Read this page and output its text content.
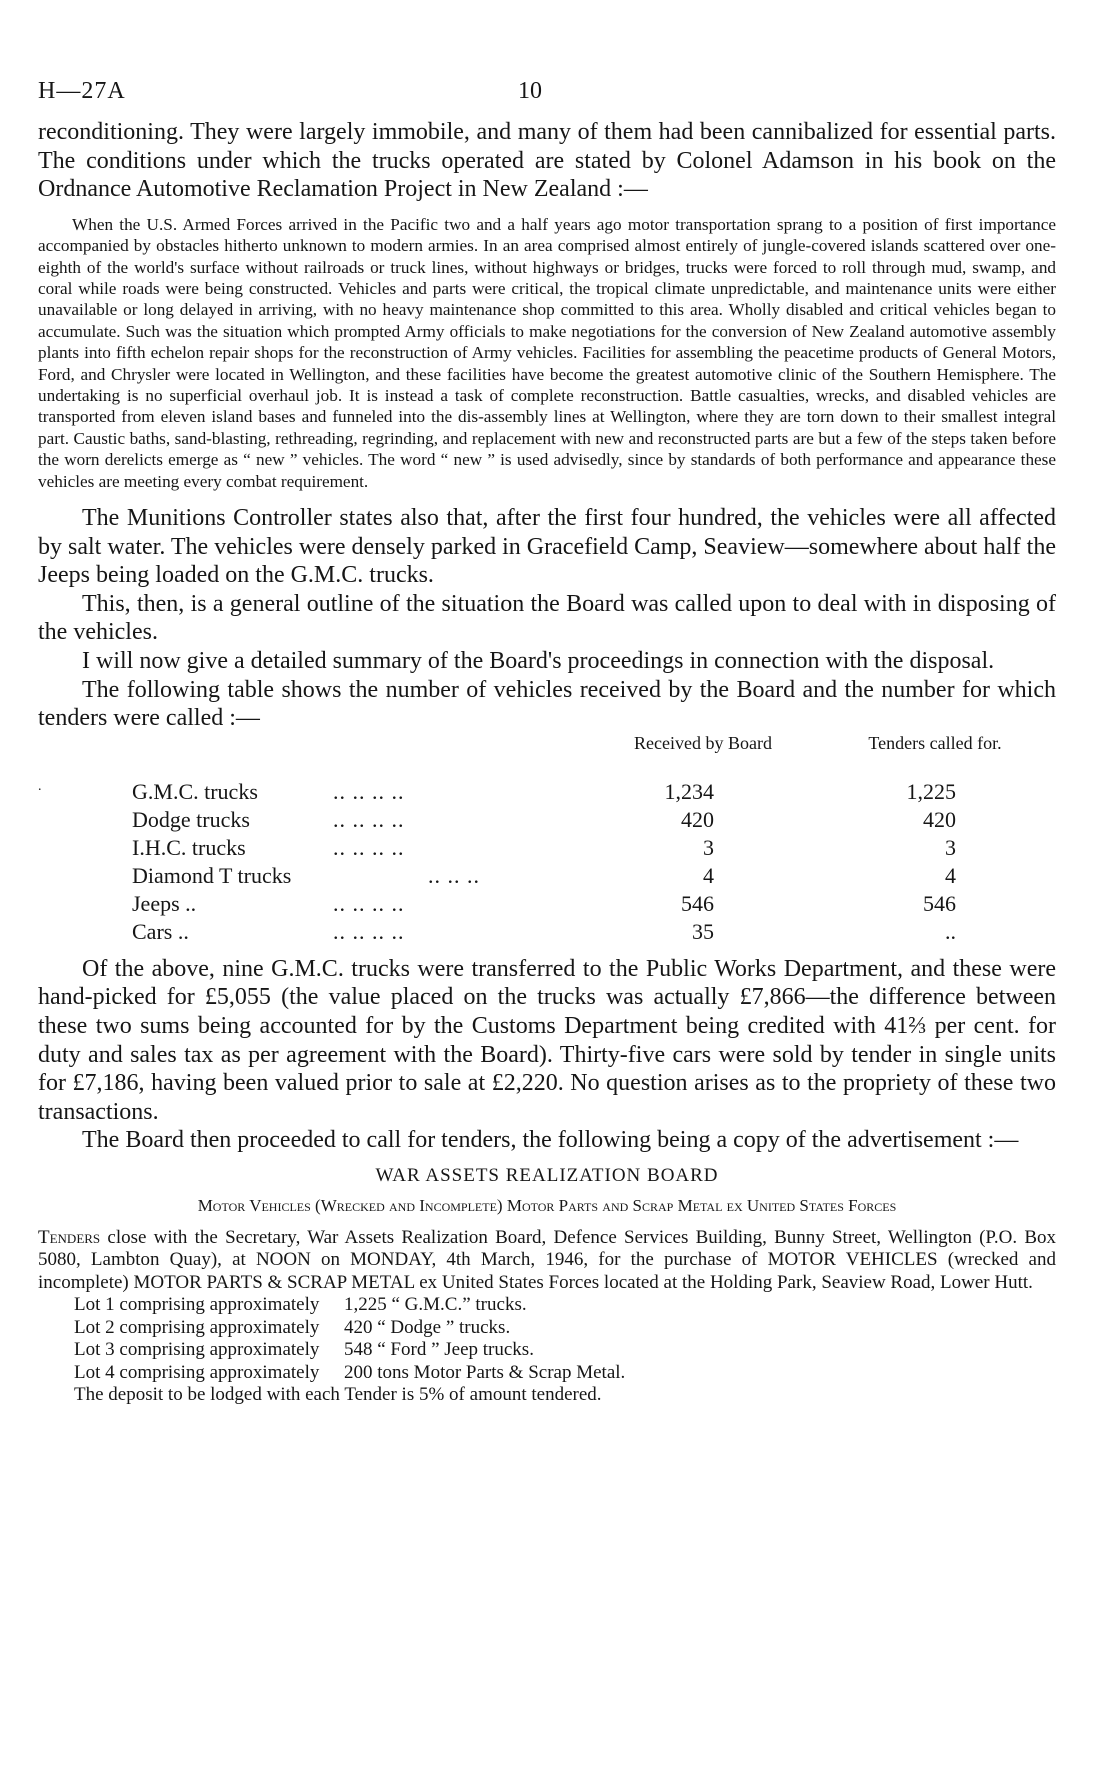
H—27A	10

reconditioning. They were largely immobile, and many of them had been cannibalized for essential parts. The conditions under which the trucks operated are stated by Colonel Adamson in his book on the Ordnance Automotive Reclamation Project in New Zealand :—

When the U.S. Armed Forces arrived in the Pacific two and a half years ago motor transportation sprang to a position of first importance accompanied by obstacles hitherto unknown to modern armies. In an area comprised almost entirely of jungle-covered islands scattered over one-eighth of the world's surface without railroads or truck lines, without highways or bridges, trucks were forced to roll through mud, swamp, and coral while roads were being constructed. Vehicles and parts were critical, the tropical climate unpredictable, and maintenance units were either unavailable or long delayed in arriving, with no heavy maintenance shop committed to this area. Wholly disabled and critical vehicles began to accumulate. Such was the situation which prompted Army officials to make negotiations for the conversion of New Zealand automotive assembly plants into fifth echelon repair shops for the reconstruction of Army vehicles. Facilities for assembling the peacetime products of General Motors, Ford, and Chrysler were located in Wellington, and these facilities have become the greatest automotive clinic of the Southern Hemisphere. The undertaking is no superficial overhaul job. It is instead a task of complete reconstruction. Battle casualties, wrecks, and disabled vehicles are transported from eleven island bases and funneled into the dis-assembly lines at Wellington, where they are torn down to their smallest integral part. Caustic baths, sand-blasting, rethreading, regrinding, and replacement with new and reconstructed parts are but a few of the steps taken before the worn derelicts emerge as “ new ” vehicles. The word “ new ” is used advisedly, since by standards of both performance and appearance these vehicles are meeting every combat requirement.

The Munitions Controller states also that, after the first four hundred, the vehicles were all affected by salt water. The vehicles were densely parked in Gracefield Camp, Seaview—somewhere about half the Jeeps being loaded on the G.M.C. trucks.

This, then, is a general outline of the situation the Board was called upon to deal with in disposing of the vehicles.

I will now give a detailed summary of the Board's proceedings in connection with the disposal.

The following table shows the number of vehicles received by the Board and the number for which tenders were called :—

Received by Board	Tenders called for.
.	G.M.C. trucks	.. .. .. ..	1,234	1,225
Dodge trucks	.. .. .. ..	420	420
I.H.C. trucks	.. .. .. ..	3	3
Diamond T trucks	.. .. ..	4	4
Jeeps ..	.. .. .. ..	546	546
Cars ..	.. .. .. ..	35	..

Of the above, nine G.M.C. trucks were transferred to the Public Works Department, and these were hand-picked for £5,055 (the value placed on the trucks was actually £7,866—the difference between these two sums being accounted for by the Customs Department being credited with 41⅔ per cent. for duty and sales tax as per agreement with the Board). Thirty-five cars were sold by tender in single units for £7,186, having been valued prior to sale at £2,220. No question arises as to the propriety of these two transactions.

The Board then proceeded to call for tenders, the following being a copy of the advertisement :—

WAR ASSETS REALIZATION BOARD
Motor Vehicles (Wrecked and Incomplete) Motor Parts and Scrap Metal ex United States Forces

Tenders close with the Secretary, War Assets Realization Board, Defence Services Building, Bunny Street, Wellington (P.O. Box 5080, Lambton Quay), at NOON on MONDAY, 4th March, 1946, for the purchase of MOTOR VEHICLES (wrecked and incomplete) MOTOR PARTS & SCRAP METAL ex United States Forces located at the Holding Park, Seaview Road, Lower Hutt.

Lot 1 comprising approximately 1,225 “ G.M.C.” trucks.
Lot 2 comprising approximately 420 “ Dodge ” trucks.
Lot 3 comprising approximately 548 “ Ford ” Jeep trucks.
Lot 4 comprising approximately 200 tons Motor Parts & Scrap Metal.

The deposit to be lodged with each Tender is 5% of amount tendered.
